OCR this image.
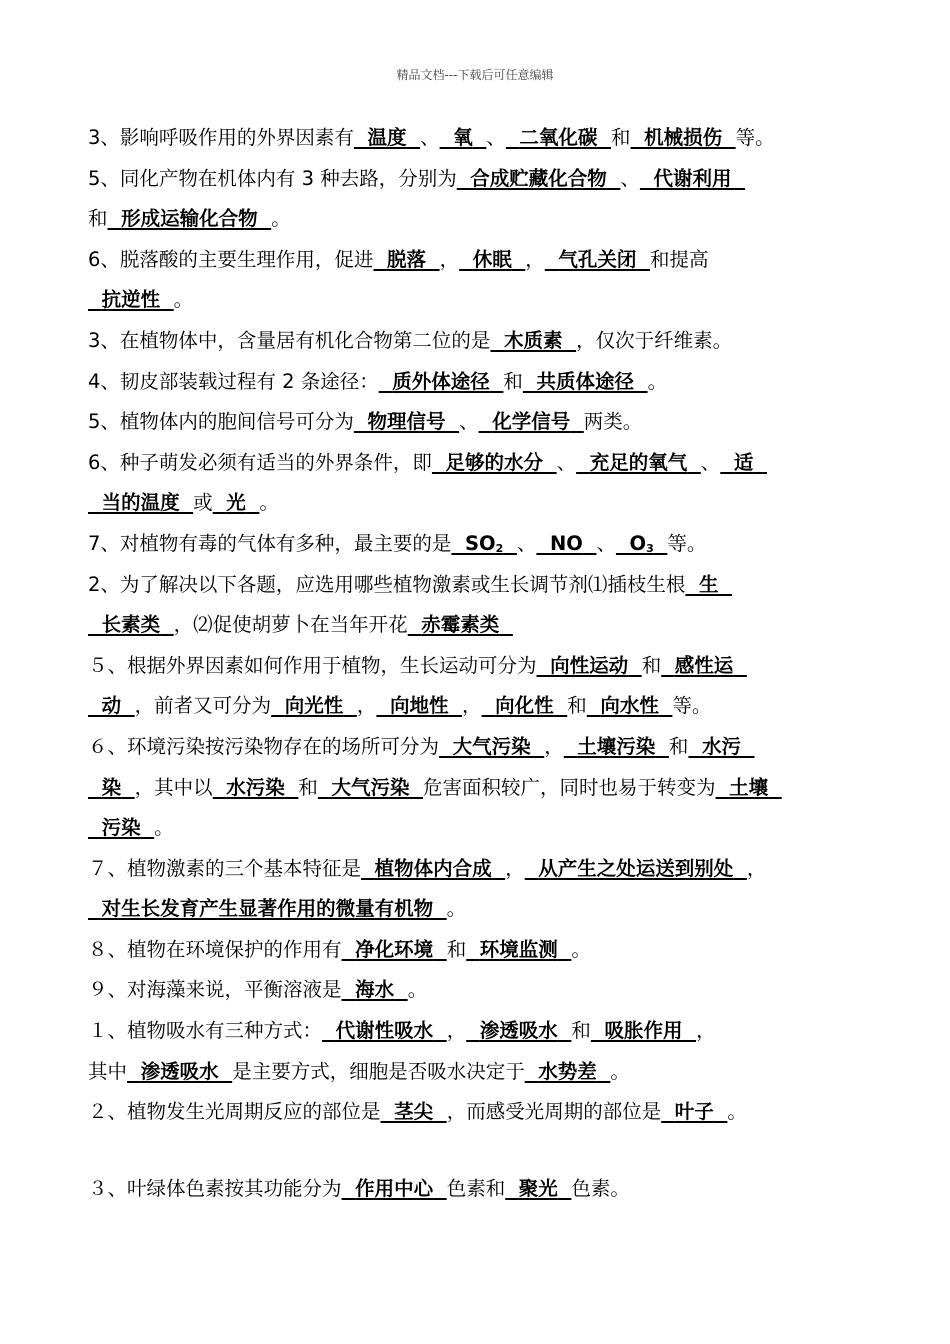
精品文档---下载后可任意编辑
3、影响呼吸作用的外界因素有 温度 、 氧 、 二氧化碳 和 机械损伤 等。
5、同化产物在机体内有 3 种去路，分别为 合成贮藏化合物 、 代谢利用
和 形成运输化合物 。
6、脱落酸的主要生理作用，促进 脱落 ， 休眠 ， 气孔关闭 和提高
抗逆性 。
3、在植物体中，含量居有机化合物第二位的是 木质素 ，仅次于纤维素。
4、韧皮部装载过程有 2 条途径： 质外体途径 和 共质体途径 。
5、植物体内的胞间信号可分为 物理信号 、 化学信号 两类。
6、种子萌发必须有适当的外界条件，即 足够的水分 、 充足的氧气 、 适
当的温度 或 光 。
7、对植物有毒的气体有多种，最主要的是 $SO_2$ 、 NO 、 $O_3$ 等。
2、为了解决以下各题，应选用哪些植物激素或生长调节剂⑴插枝生根 生
长素类 ，⑵促使胡萝卜在当年开花 赤霉素类
５、根据外界因素如何作用于植物，生长运动可分为 向性运动 和 感性运
动 ，前者又可分为 向光性 ， 向地性 ， 向化性 和 向水性 等。
６、环境污染按污染物存在的场所可分为 大气污染 ， 土壤污染 和 水污
染 ，其中以 水污染 和 大气污染 危害面积较广，同时也易于转变为 土壤
污染 。
７、植物激素的三个基本特征是 植物体内合成 ， 从产生之处运送到别处 ，
对生长发育产生显著作用的微量有机物 。
８、植物在环境保护的作用有 净化环境 和 环境监测 。
９、对海藻来说，平衡溶液是 海水 。
１、植物吸水有三种方式： 代谢性吸水 ， 渗透吸水 和 吸胀作用 ，
其中 渗透吸水 是主要方式，细胞是否吸水决定于 水势差 。
２、植物发生光周期反应的部位是 茎尖 ，而感受光周期的部位是 叶子 。
３、叶绿体色素按其功能分为 作用中心 色素和 聚光 色素。
